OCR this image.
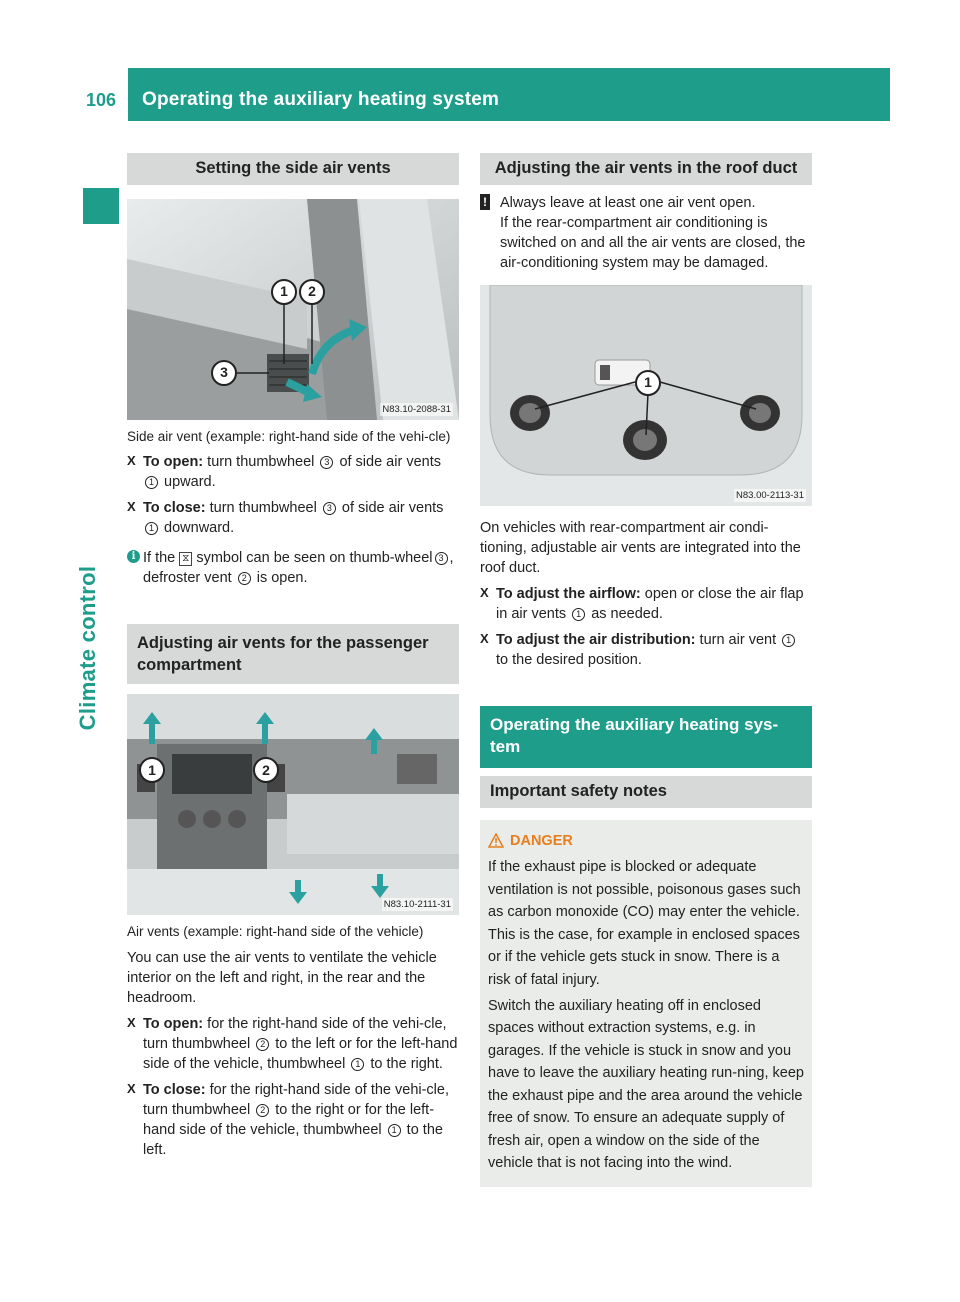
106	Operating the auxiliary heating system
Climate control
Setting the side air vents
1	2
3
N83.10-2088-31

Side air vent (example: right-hand side of the vehi-cle)

X To open: turn thumbwheel 3 of side air vents 1 upward.
X To close: turn thumbwheel 3 of side air vents 1 downward.
i If the ⧖ symbol can be seen on thumb-wheel 3 , defroster vent 2 is open.
Adjusting air vents for the passenger compartment
1	2
N83.10-2111-31

Air vents (example: right-hand side of the vehicle)

You can use the air vents to ventilate the vehicle interior on the left and right, in the rear and the headroom.

X To open: for the right-hand side of the vehi-cle, turn thumbwheel 2 to the left or for the left-hand side of the vehicle, thumbwheel 1 to the right.
X To close: for the right-hand side of the vehi-cle, turn thumbwheel 2 to the right or for the left-hand side of the vehicle, thumbwheel 1 to the left.
Adjusting the air vents in the roof duct
! Always leave at least one air vent open.

If the rear-compartment air conditioning is switched on and all the air vents are closed, the air-conditioning system may be damaged.

1
N83.00-2113-31

On vehicles with rear-compartment air condi-tioning, adjustable air vents are integrated into the roof duct.

X To adjust the airflow: open or close the air flap in air vents 1 as needed.
X To adjust the air distribution: turn air vent 1 to the desired position.
Operating the auxiliary heating sys-tem
Important safety notes
DANGER

If the exhaust pipe is blocked or adequate ventilation is not possible, poisonous gases such as carbon monoxide (CO) may enter the vehicle. This is the case, for example in enclosed spaces or if the vehicle gets stuck in snow. There is a risk of fatal injury.

Switch the auxiliary heating off in enclosed spaces without extraction systems, e.g. in garages. If the vehicle is stuck in snow and you have to leave the auxiliary heating run-ning, keep the exhaust pipe and the area around the vehicle free of snow. To ensure an adequate supply of fresh air, open a window on the side of the vehicle that is not facing into the wind.
